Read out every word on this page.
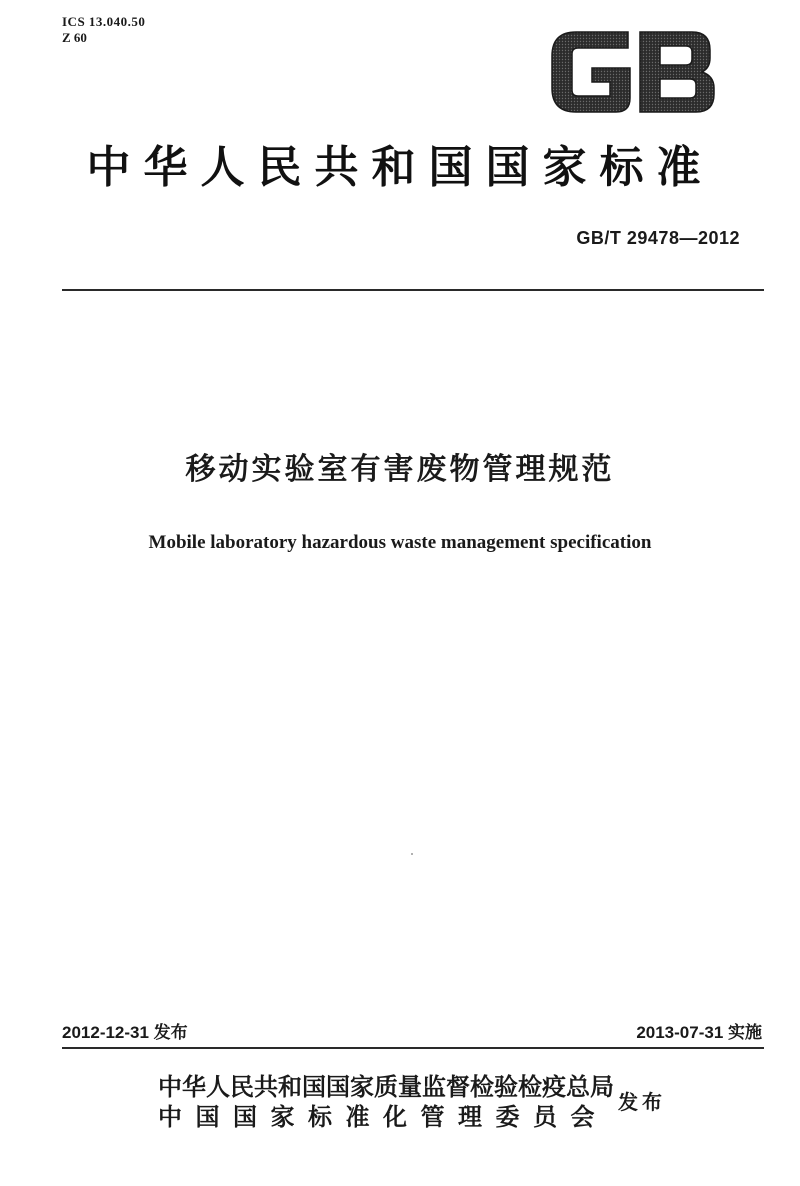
ICS 13.040.50
Z 60
GB
中华人民共和国国家标准
GB/T 29478—2012
移动实验室有害废物管理规范
Mobile laboratory hazardous waste management specification
2012-12-31 发布	2013-07-31 实施
中华人民共和国国家质量监督检验检疫总局
中国国家标准化管理委员会
发布
